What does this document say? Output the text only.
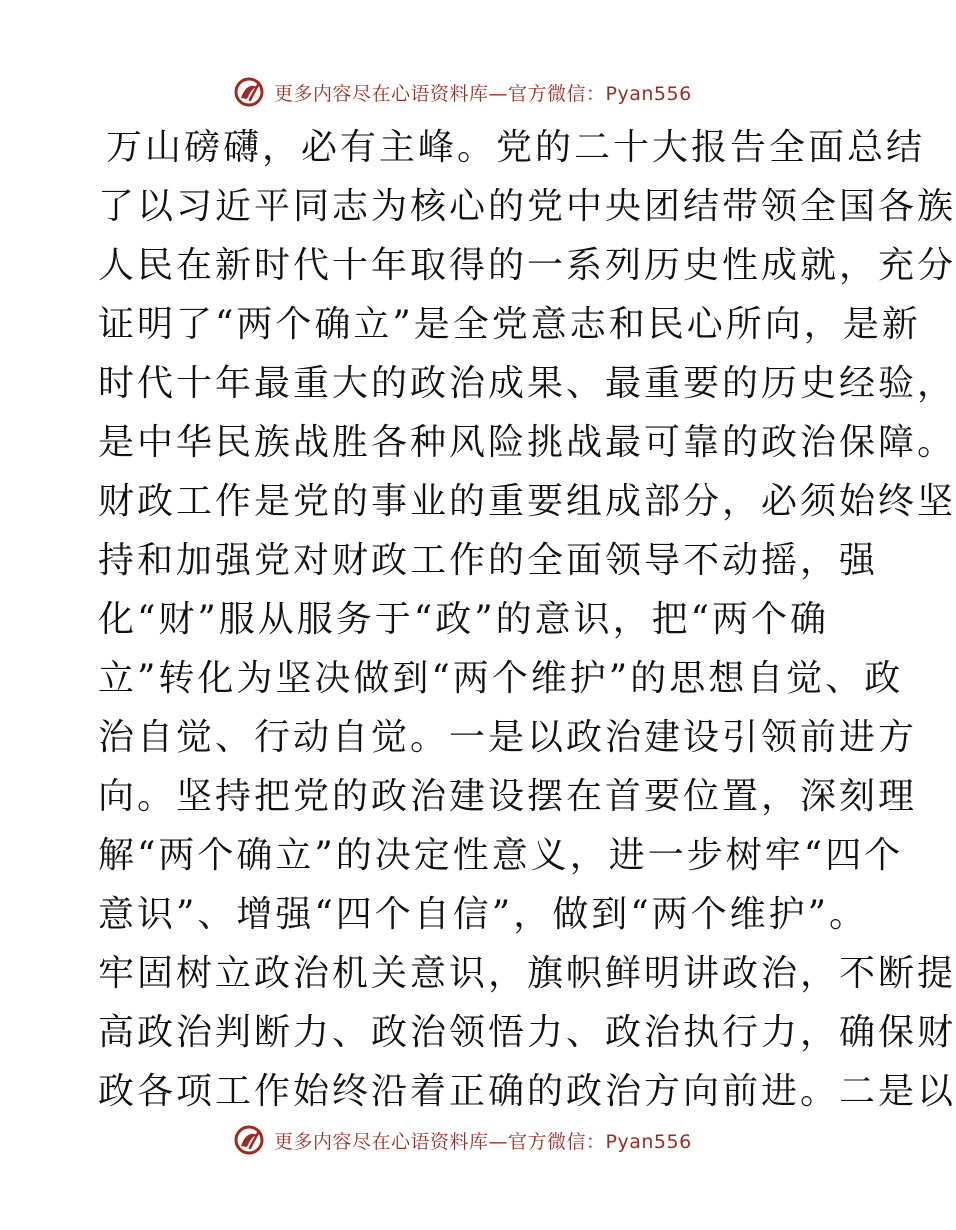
更多内容尽在心语资料库—官方微信：Pyan556
万山磅礴，必有主峰。党的二十大报告全面总结
了以习近平同志为核心的党中央团结带领全国各族
人民在新时代十年取得的一系列历史性成就，充分
证明了“两个确立”是全党意志和民心所向，是新
时代十年最重大的政治成果、最重要的历史经验，
是中华民族战胜各种风险挑战最可靠的政治保障。
财政工作是党的事业的重要组成部分，必须始终坚
持和加强党对财政工作的全面领导不动摇，强
化“财”服从服务于“政”的意识，把“两个确
立”转化为坚决做到“两个维护”的思想自觉、政
治自觉、行动自觉。一是以政治建设引领前进方
向。坚持把党的政治建设摆在首要位置，深刻理
解“两个确立”的决定性意义，进一步树牢“四个
意识”、增强“四个自信”，做到“两个维护”。
牢固树立政治机关意识，旗帜鲜明讲政治，不断提
高政治判断力、政治领悟力、政治执行力，确保财
政各项工作始终沿着正确的政治方向前进。二是以
更多内容尽在心语资料库—官方微信：Pyan556
